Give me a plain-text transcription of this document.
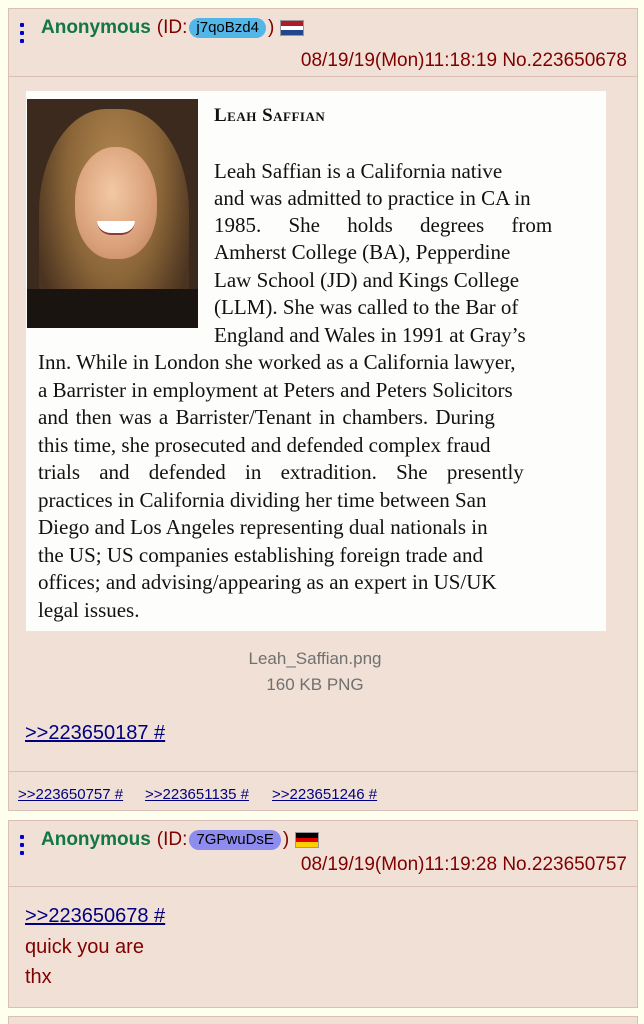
Anonymous (ID: j7qoBzd4 )
08/19/19(Mon)11:18:19 No.223650678
Leah Saffian
Leah Saffian is a California native
and was admitted to practice in CA in
1985. She holds degrees from
Amherst College (BA), Pepperdine
Law School (JD) and Kings College
(LLM). She was called to the Bar of
England and Wales in 1991 at Gray’s
Inn. While in London she worked as a California lawyer,
a Barrister in employment at Peters and Peters Solicitors
and then was a Barrister/Tenant in chambers. During
this time, she prosecuted and defended complex fraud
trials and defended in extradition. She presently
practices in California dividing her time between San
Diego and Los Angeles representing dual nationals in
the US; US companies establishing foreign trade and
offices; and advising/appearing as an expert in US/UK
legal issues.
Leah_Saffian.png
160 KB PNG
>>223650187 #
>>223650757 # >>223651135 # >>223651246 #
Anonymous (ID: 7GPwuDsE )
08/19/19(Mon)11:19:28 No.223650757
>>223650678 #
quick you are
thx
